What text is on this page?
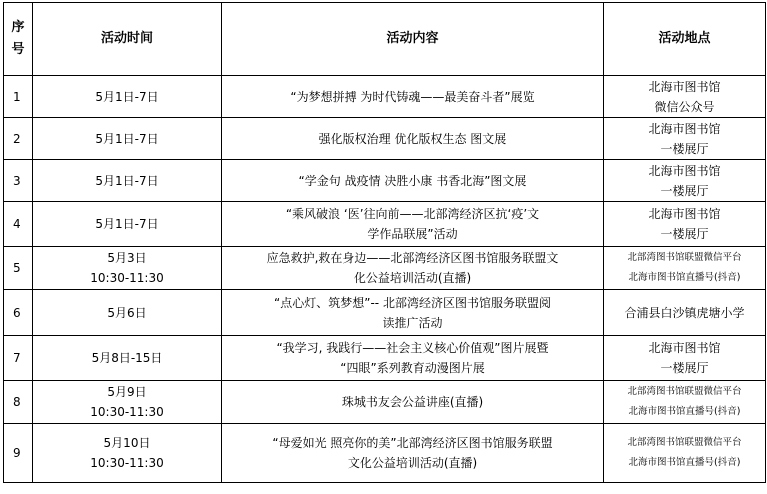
序
号	活动时间	活动内容	活动地点
1	5月1日-7日	“为梦想拼搏 为时代铸魂——最美奋斗者”展览	北海市图书馆
微信公众号

2	5月1日-7日	强化版权治理 优化版权生态 图文展	北海市图书馆
一楼展厅

3	5月1日-7日	“学金句 战疫情 决胜小康 书香北海”图文展	北海市图书馆
一楼展厅

4	5月1日-7日	“乘风破浪 ‘医’往向前——北部湾经济区抗‘疫’文
学作品联展”活动	北海市图书馆
一楼展厅

5	5月3日
10:30-11:30	应急救护,救在身边——北部湾经济区图书馆服务联盟文
化公益培训活动(直播)	北部湾图书馆联盟微信平台
北海市图书馆直播号(抖音)

6	5月6日	“点心灯、筑梦想”-- 北部湾经济区图书馆服务联盟阅
读推广活动	合浦县白沙镇虎塘小学

7	5月8日-15日	“我学习, 我践行——社会主义核心价值观”图片展暨
“四眼”系列教育动漫图片展	北海市图书馆
一楼展厅

8	5月9日
10:30-11:30	珠城书友会公益讲座(直播)	北部湾图书馆联盟微信平台
北海市图书馆直播号(抖音)

9	5月10日
10:30-11:30	“母爱如光 照亮你的美”北部湾经济区图书馆服务联盟
文化公益培训活动(直播)	北部湾图书馆联盟微信平台
北海市图书馆直播号(抖音)
